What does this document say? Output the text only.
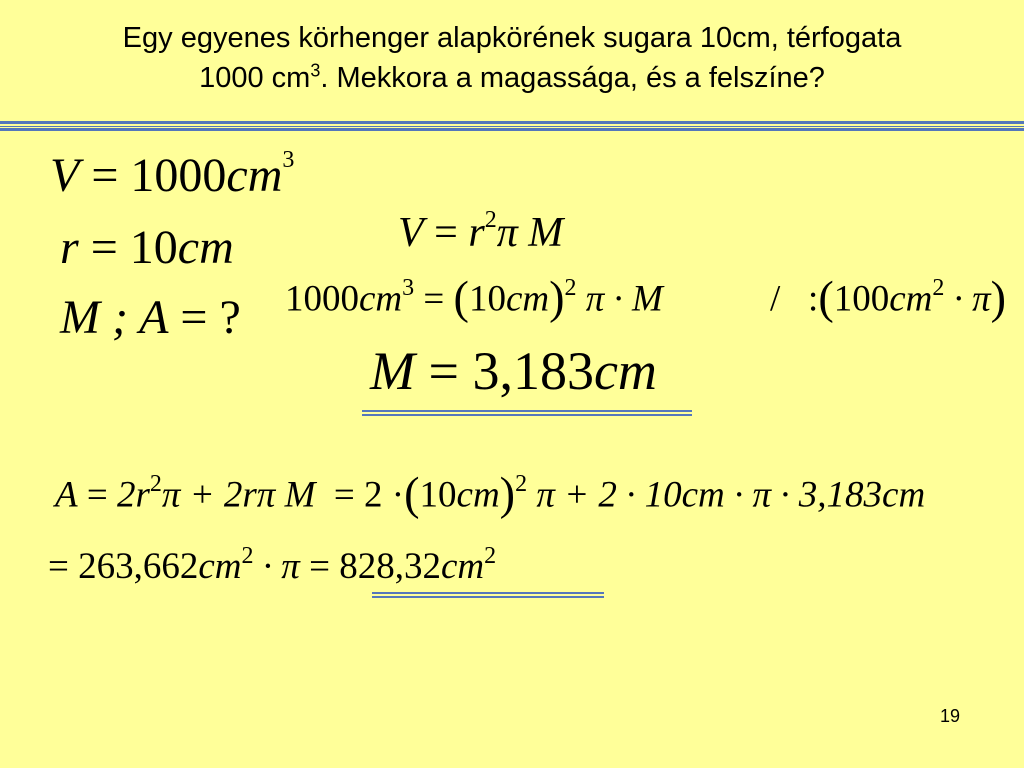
Egy egyenes körhenger alapkörének sugara 10cm, térfogata
1000 $cm^3$. Mekkora a magassága, és a felszíne?
$V = 1000cm^3$
r = 10cm
M ; A = ?
$V = r^2\pi$ M
$1000cm^3 = (10cm)^2$ π · M	/ $:(100cm^2 \cdot \pi)$
M = 3,183cm
$A = 2r^2\pi + 2r\pi$ $M = 2 \cdot(10cm)^2$ π + 2 · 10cm · π · 3,183cm
= $263,662cm^2 \cdot \pi = 828,32cm^2$
19
